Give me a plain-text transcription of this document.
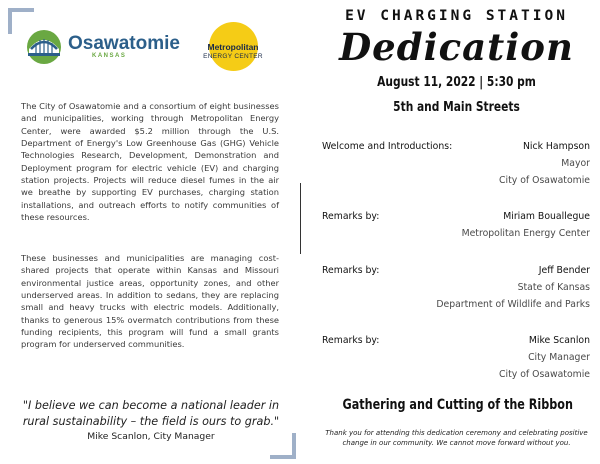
Osawatomie
KANSAS
Metropolitan
ENERGY CENTER

The City of Osawatomie and a consortium of eight businesses and municipalities, working through Metropolitan Energy Center, were awarded $5.2 million through the U.S. Department of Energy's Low Greenhouse Gas (GHG) Vehicle Technologies Research, Development, Demonstration and Deployment program for electric vehicle (EV) and charging station projects. Projects will reduce diesel fumes in the air we breathe by supporting EV purchases, charging station installations, and outreach efforts to notify communities of these resources.

These businesses and municipalities are managing cost-shared projects that operate within Kansas and Missouri environmental justice areas, opportunity zones, and other underserved areas. In addition to sedans, they are replacing small and heavy trucks with electric models. Additionally, thanks to generous 15% overmatch contributions from these funding recipients, this program will fund a small grants program for underserved communities.

"I believe we can become a national leader in rural sustainability – the field is ours to grab."
Mike Scanlon, City Manager
EV CHARGING STATION
Dedication
August 11, 2022 | 5:30 pm
5th and Main Streets
Welcome and Introductions:	Nick Hampson
Mayor
City of Osawatomie
Remarks by:	Miriam Bouallegue
Metropolitan Energy Center
Remarks by:	Jeff Bender
State of Kansas
Department of Wildlife and Parks
Remarks by:	Mike Scanlon
City Manager
City of Osawatomie
Gathering and Cutting of the Ribbon
Thank you for attending this dedication ceremony and celebrating positive change in our community. We cannot move forward without you.
